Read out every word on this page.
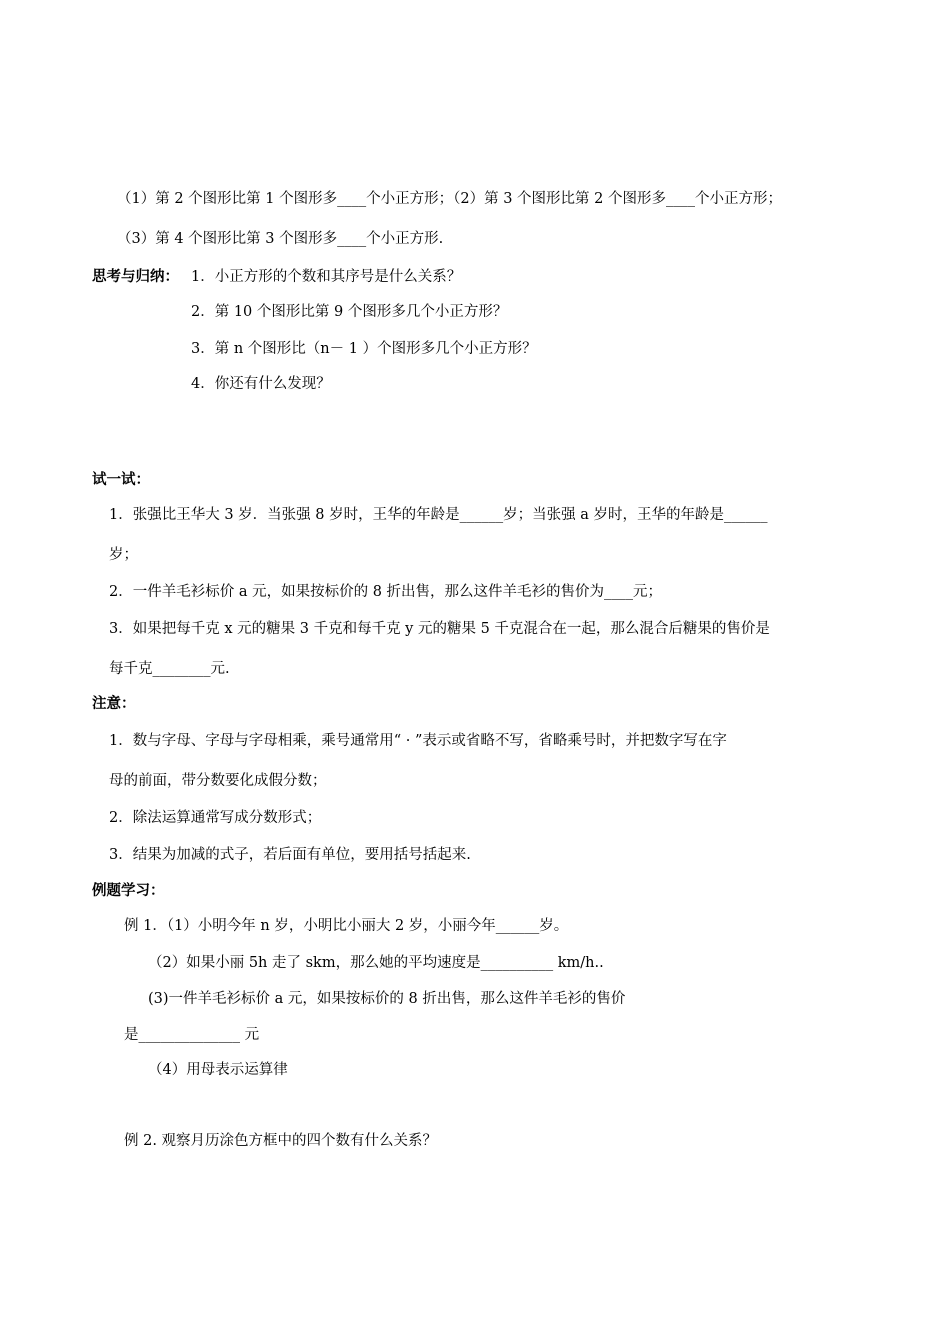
（1）第 2 个图形比第 1 个图形多____个小正方形；（2）第 3 个图形比第 2 个图形多____个小正方形；
（3）第 4 个图形比第 3 个图形多____个小正方形.
思考与归纳： 1．小正方形的个数和其序号是什么关系？
2．第 10 个图形比第 9 个图形多几个小正方形？
3．第 n 个图形比（n－ 1 ）个图形多几个小正方形？
4．你还有什么发现？
试一试：
1．张强比王华大 3 岁．当张强 8 岁时，王华的年龄是______岁；当张强 a 岁时，王华的年龄是______
岁；
2．一件羊毛衫标价 a 元，如果按标价的 8 折出售，那么这件羊毛衫的售价为____元；
3．如果把每千克 x 元的糖果 3 千克和每千克 y 元的糖果 5 千克混合在一起，那么混合后糖果的售价是
每千克________元.
注意：
1．数与字母、字母与字母相乘，乘号通常用“ · ”表示或省略不写，省略乘号时，并把数字写在字
母的前面，带分数要化成假分数；
2．除法运算通常写成分数形式；
3．结果为加减的式子，若后面有单位，要用括号括起来.
例题学习：
例 1．（1）小明今年 n 岁，小明比小丽大 2 岁，小丽今年______岁。
（2）如果小丽 5h 走了 skm，那么她的平均速度是__________ km/h..
(3)一件羊毛衫标价 a 元，如果按标价的 8 折出售，那么这件羊毛衫的售价
是______________ 元
（4）用母表示运算律
例 2. 观察月历涂色方框中的四个数有什么关系？
